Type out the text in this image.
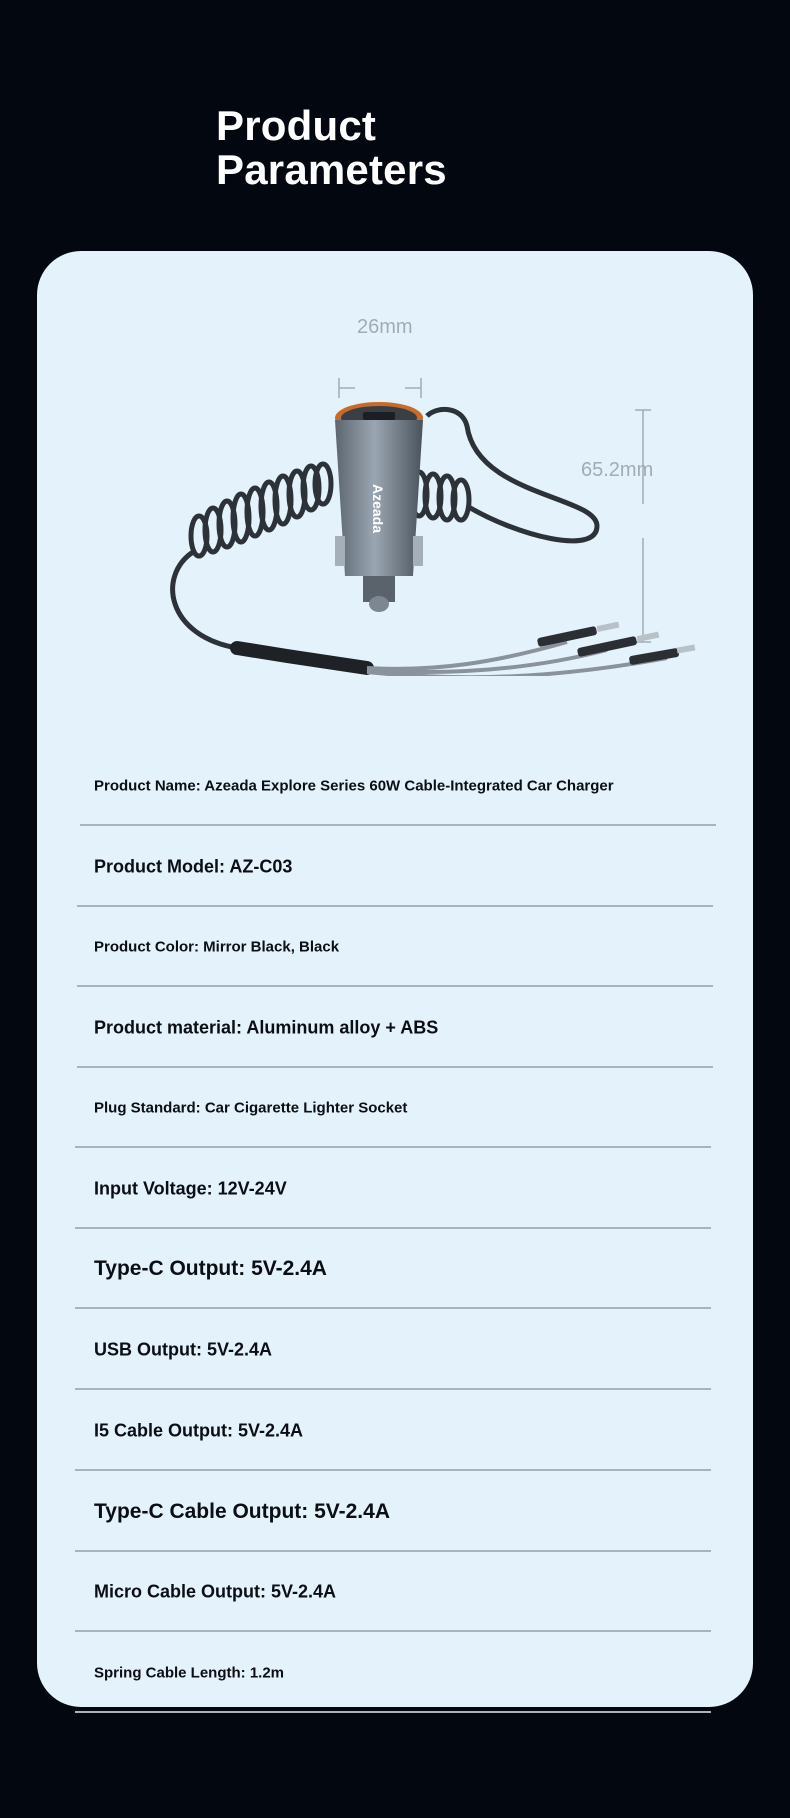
Product
Parameters
26mm
65.2mm
Azeada
Product Name: Azeada Explore Series 60W Cable-Integrated Car Charger
Product Model: AZ-C03
Product Color: Mirror Black, Black
Product material: Aluminum alloy + ABS
Plug Standard: Car Cigarette Lighter Socket
Input Voltage: 12V-24V
Type-C Output: 5V-2.4A
USB Output: 5V-2.4A
I5 Cable Output: 5V-2.4A
Type-C Cable Output: 5V-2.4A
Micro Cable Output: 5V-2.4A
Spring Cable Length: 1.2m
